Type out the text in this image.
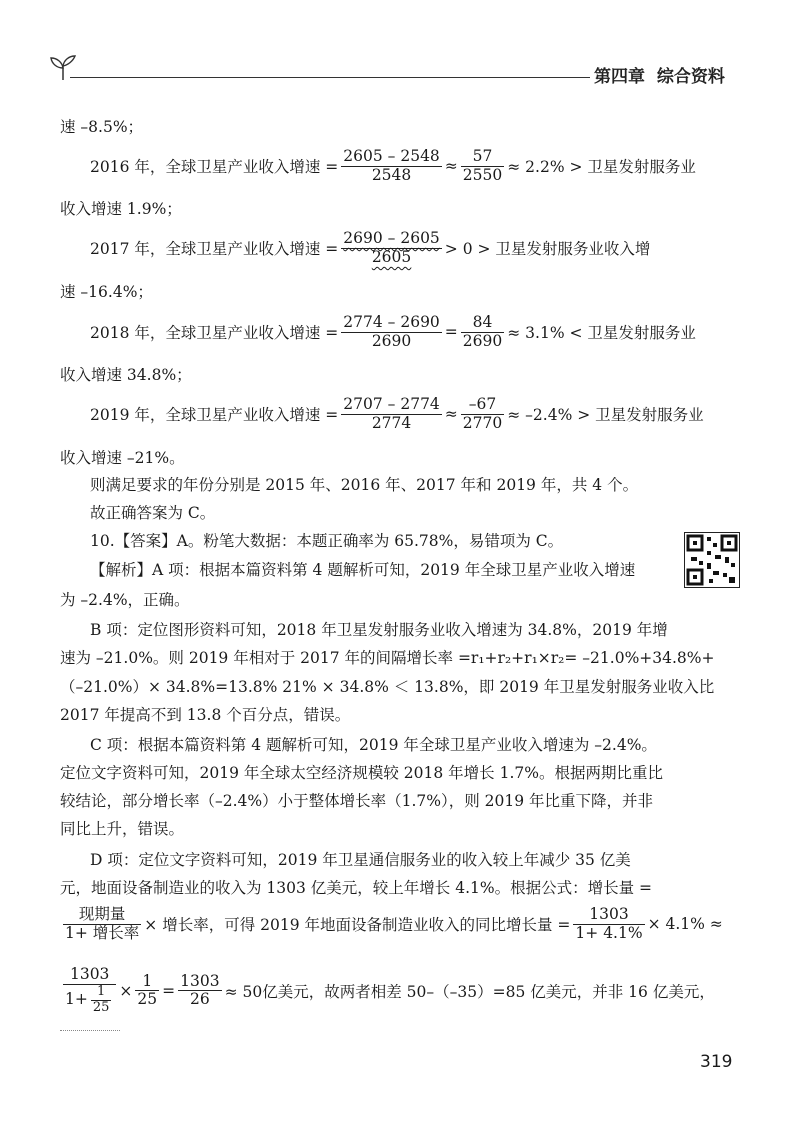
第四章 综合资料
速 –8.5%；
2016 年，全球卫星产业收入增速 = $\frac{2605 - 2548}{2548} \approx \frac{57}{2550} \approx 2.2\%$ > 卫星发射服务业
收入增速 1.9%；
2017 年，全球卫星产业收入增速 = $\frac{2690 - 2605}{2605} > 0$ > 卫星发射服务业收入增
速 –16.4%；
2018 年，全球卫星产业收入增速 = $\frac{2774 - 2690}{2690} = \frac{84}{2690} \approx 3.1\%$ < 卫星发射服务业
收入增速 34.8%；
2019 年，全球卫星产业收入增速 = $\frac{2707 - 2774}{2774} \approx \frac{-67}{2770} \approx -2.4\%$ > 卫星发射服务业
收入增速 –21%。
则满足要求的年份分别是 2015 年、2016 年、2017 年和 2019 年，共 4 个。
故正确答案为 C。
10.【答案】A。粉笔大数据：本题正确率为 65.78%，易错项为 C。
【解析】A 项：根据本篇资料第 4 题解析可知，2019 年全球卫星产业收入增速
为 –2.4%，正确。
B 项：定位图形资料可知，2018 年卫星发射服务业收入增速为 34.8%，2019 年增
速为 –21.0%。则 2019 年相对于 2017 年的间隔增长率 =r₁+r₂+r₁×r₂= –21.0%+34.8%+
（–21.0%）× 34.8%=13.8% 21% × 34.8% ＜ 13.8%，即 2019 年卫星发射服务业收入比
2017 年提高不到 13.8 个百分点，错误。
C 项：根据本篇资料第 4 题解析可知，2019 年全球卫星产业收入增速为 –2.4%。
定位文字资料可知，2019 年全球太空经济规模较 2018 年增长 1.7%。根据两期比重比
较结论，部分增长率（–2.4%）小于整体增长率（1.7%），则 2019 年比重下降，并非
同比上升，错误。
D 项：定位文字资料可知，2019 年卫星通信服务业的收入较上年减少 35 亿美
元，地面设备制造业的收入为 1303 亿美元，较上年增长 4.1%。根据公式：增长量 =
$\frac{\text{现期量}}{\text{1+ 增长率}}$ × 增长率，可得 2019 年地面设备制造业收入的同比增长量 = $\frac{1303}{1+ 4.1\%} \times 4.1\%$ ≈
$\frac{1303}{1+ \frac{1}{25}} \times \frac{1}{25} = \frac{1303}{26} \approx 50$亿美元，故两者相差 50–（–35）=85 亿美元，并非 16 亿美元，
319
